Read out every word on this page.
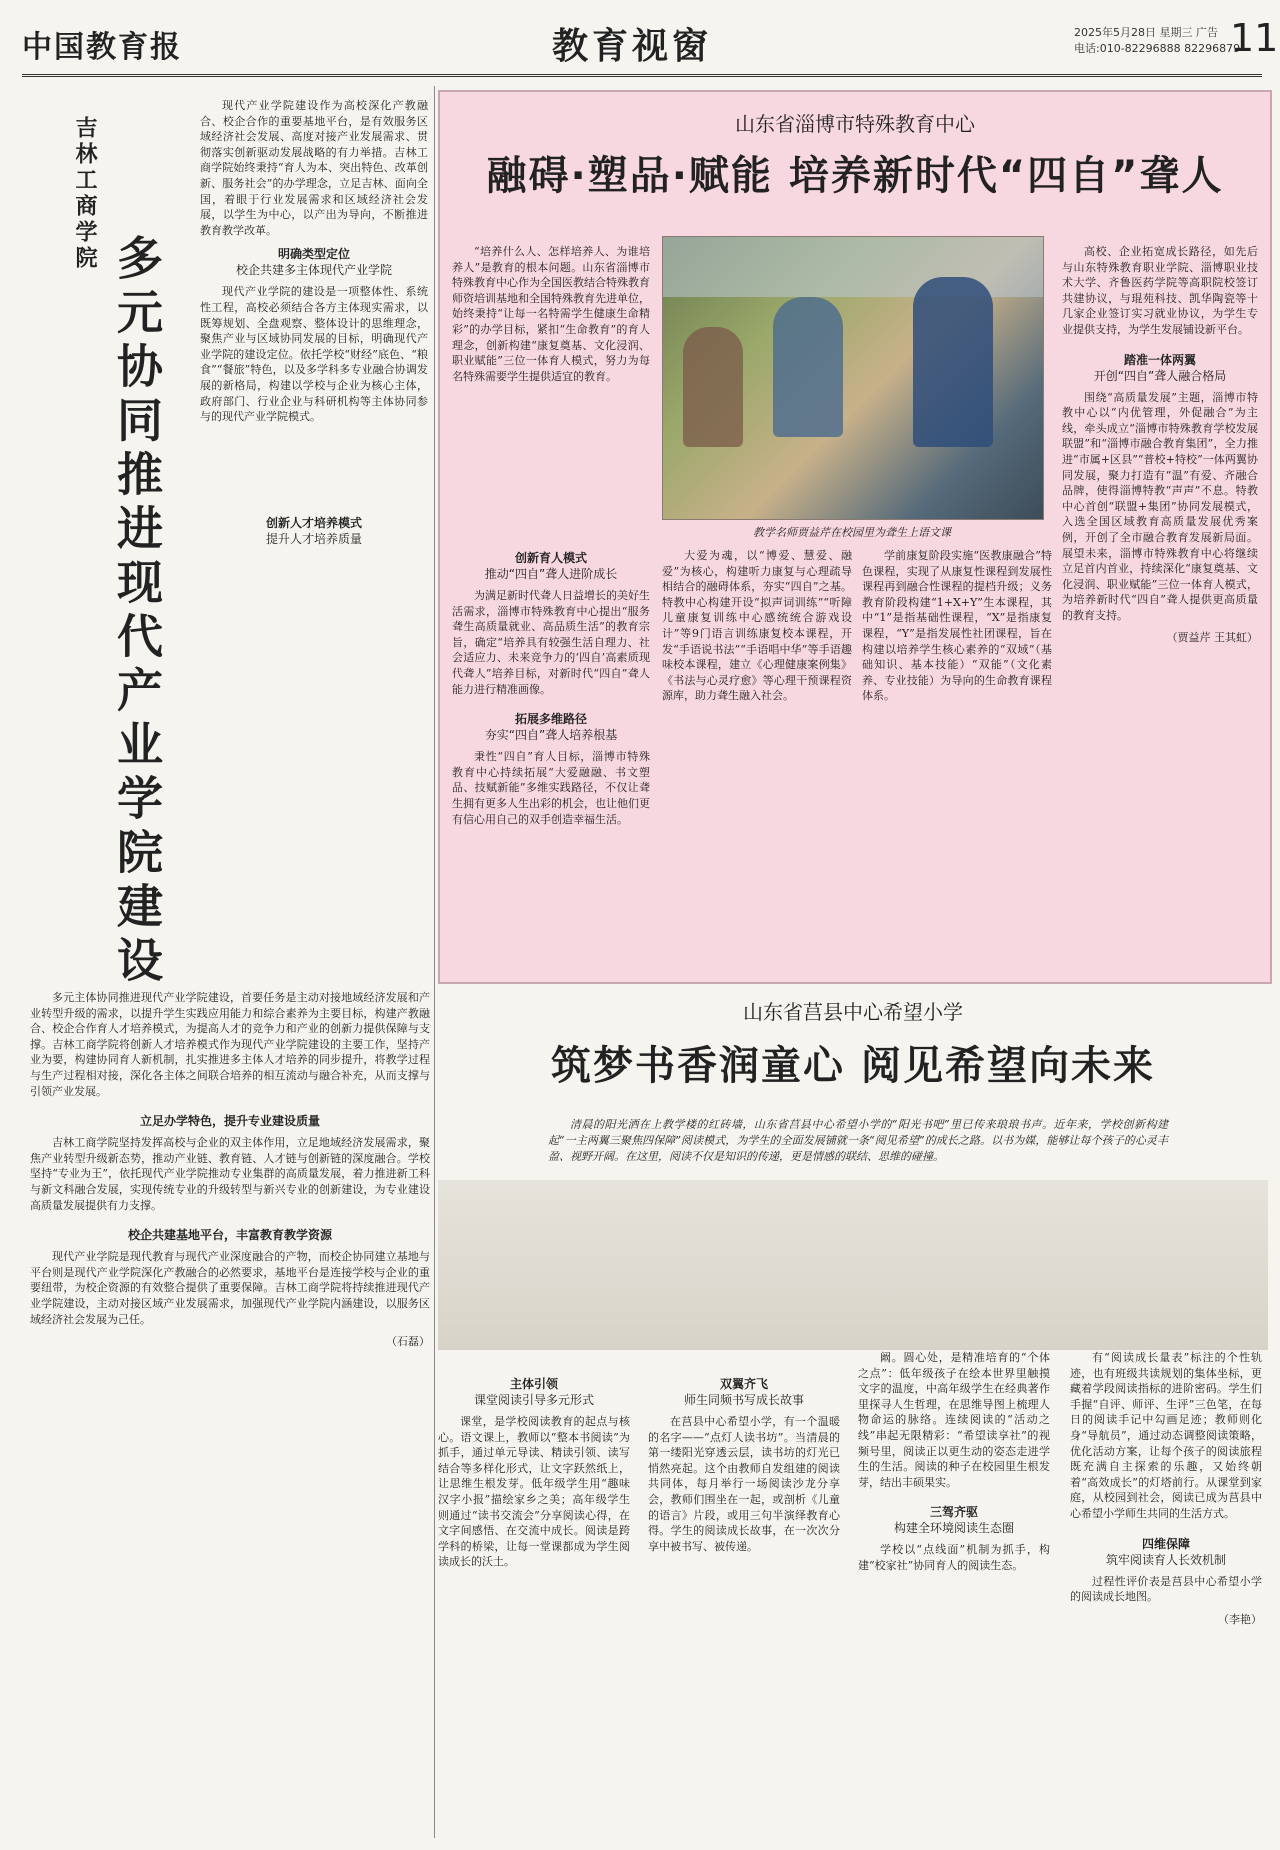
中国教育报	教育视窗	2025年5月28日 星期三 广告
电话:010-82296888 82296879
11
吉林工商学院
多元协同推进现代产业学院建设

现代产业学院建设作为高校深化产教融合、校企合作的重要基地平台，是有效服务区域经济社会发展、高度对接产业发展需求、贯彻落实创新驱动发展战略的有力举措。吉林工商学院始终秉持“育人为本、突出特色、改革创新、服务社会”的办学理念，立足吉林、面向全国，着眼于行业发展需求和区域经济社会发展，以学生为中心，以产出为导向，不断推进教育教学改革。

明确类型定位
校企共建多主体现代产业学院

现代产业学院的建设是一项整体性、系统性工程，高校必须结合各方主体现实需求，以既筹规划、全盘观察、整体设计的思维理念，聚焦产业与区域协同发展的目标，明确现代产业学院的建设定位。依托学校“财经”底色、“粮食”“餐旅”特色，以及多学科多专业融合协调发展的新格局，构建以学校与企业为核心主体，政府部门、行业企业与科研机构等主体协同参与的现代产业学院模式。

创新人才培养模式
提升人才培养质量

多元主体协同推进现代产业学院建设，首要任务是主动对接地域经济发展和产业转型升级的需求，以提升学生实践应用能力和综合素养为主要目标，构建产教融合、校企合作育人才培养模式，为提高人才的竞争力和产业的创新力提供保障与支撑。吉林工商学院将创新人才培养模式作为现代产业学院建设的主要工作，坚持产业为要，构建协同育人新机制，扎实推进多主体人才培养的同步提升，将教学过程与生产过程相对接，深化各主体之间联合培养的相互流动与融合补充，从而支撑与引领产业发展。

立足办学特色，提升专业建设质量

吉林工商学院坚持发挥高校与企业的双主体作用，立足地域经济发展需求，聚焦产业转型升级新态势，推动产业链、教育链、人才链与创新链的深度融合。学校坚持“专业为王”，依托现代产业学院推动专业集群的高质量发展，着力推进新工科与新文科融合发展，实现传统专业的升级转型与新兴专业的创新建设，为专业建设高质量发展提供有力支撑。

校企共建基地平台，丰富教育教学资源

现代产业学院是现代教育与现代产业深度融合的产物，而校企协同建立基地与平台则是现代产业学院深化产教融合的必然要求，基地平台是连接学校与企业的重要纽带，为校企资源的有效整合提供了重要保障。吉林工商学院将持续推进现代产业学院建设，主动对接区域产业发展需求，加强现代产业学院内涵建设，以服务区域经济社会发展为己任。

（石磊）
山东省淄博市特殊教育中心
融碍·塑品·赋能 培养新时代“四自”聋人

“培养什么人、怎样培养人、为谁培养人”是教育的根本问题。山东省淄博市特殊教育中心作为全国医教结合特殊教育师资培训基地和全国特殊教育先进单位，始终秉持“让每一名特需学生健康生命精彩”的办学目标，紧扣“生命教育”的育人理念，创新构建“康复奠基、文化浸润、职业赋能”三位一体育人模式，努力为每名特殊需要学生提供适宜的教育。

教学名师贾益芹在校园里为聋生上语文课
创新育人模式
推动“四自”聋人进阶成长

为满足新时代聋人日益增长的美好生活需求，淄博市特殊教育中心提出“服务聋生高质量就业、高品质生活”的教育宗旨，确定“培养具有较强生活自理力、社会适应力、未来竞争力的‘四自’高素质现代聋人”培养目标，对新时代“四自”聋人能力进行精准画像。

拓展多维路径
夯实“四自”聋人培养根基

秉性“四自”育人目标，淄博市特殊教育中心持续拓展“大爱融融、书文塑品、技赋新能”多维实践路径，不仅让聋生拥有更多人生出彩的机会，也让他们更有信心用自己的双手创造幸福生活。

大爱为魂，以“博爱、慧爱、融爱”为核心，构建听力康复与心理疏导相结合的融碍体系，夯实“四自”之基。特教中心构建开设“拟声词训练”“听障儿童康复训练中心感统统合游戏设计”等9门语言训练康复校本课程，开发“手语说书法”“手语唱中华”等手语趣味校本课程，建立《心理健康案例集》《书法与心灵疗愈》等心理干预课程资源库，助力聋生融入社会。

学前康复阶段实施“医教康融合”特色课程，实现了从康复性课程到发展性课程再到融合性课程的提档升级；义务教育阶段构建“1+X+Y”生本课程，其中“1”是指基础性课程，“X”是指康复课程，“Y”是指发展性社团课程，旨在构建以培养学生核心素养的“双域”（基础知识、基本技能）“双能”（文化素养、专业技能）为导向的生命教育课程体系。

高校、企业拓宽成长路径，如先后与山东特殊教育职业学院、淄博职业技术大学、齐鲁医药学院等高职院校签订共建协议，与琨苑科技、凯华陶瓷等十几家企业签订实习就业协议，为学生专业提供支持，为学生发展铺设新平台。

踏准一体两翼
开创“四自”聋人融合格局

围绕“高质量发展”主题，淄博市特教中心以“内优管理，外促融合”为主线，牵头成立“淄博市特殊教育学校发展联盟”和“淄博市融合教育集团”，全力推进“市属+区县”“普校+特校”一体两翼协同发展，聚力打造有“温”有爱、齐融合品牌，使得淄博特教“声声”不息。特教中心首创“联盟+集团”协同发展模式，入选全国区域教育高质量发展优秀案例，开创了全市融合教育发展新局面。展望未来，淄博市特殊教育中心将继续立足首内首业，持续深化“康复奠基、文化浸润、职业赋能”三位一体育人模式，为培养新时代“四自”聋人提供更高质量的教育支持。

（贾益芹 王其虹）
山东省莒县中心希望小学
筑梦书香润童心 阅见希望向未来

清晨的阳光洒在上教学楼的红砖墙，山东省莒县中心希望小学的“阳光书吧”里已传来琅琅书声。近年来，学校创新构建起“一主两翼三聚焦四保障”阅读模式，为学生的全面发展铺就一条“阅见希望”的成长之路。以书为媒，能够让每个孩子的心灵丰盈、视野开阔。在这里，阅读不仅是知识的传递，更是情感的联结、思维的碰撞。

主体引领
课堂阅读引导多元形式

课堂，是学校阅读教育的起点与核心。语文课上，教师以“整本书阅读”为抓手，通过单元导读、精读引领、读写结合等多样化形式，让文字跃然纸上，让思维生根发芽。低年级学生用“趣味汉字小报”描绘家乡之美；高年级学生则通过“读书交流会”分享阅读心得，在文字间感悟、在交流中成长。阅读是跨学科的桥梁，让每一堂课都成为学生阅读成长的沃土。

双翼齐飞
师生同频书写成长故事

在莒县中心希望小学，有一个温暖的名字——“点灯人读书坊”。当清晨的第一缕阳光穿透云层，读书坊的灯光已悄然亮起。这个由教师自发组建的阅读共同体，每月举行一场阅读沙龙分享会，教师们围坐在一起，或剖析《儿童的语言》片段，或用三句半演绎教育心得。学生的阅读成长故事，在一次次分享中被书写、被传递。

阚。圆心处，是精准培育的“个体之点”：低年级孩子在绘本世界里触摸文字的温度，中高年级学生在经典著作里探寻人生哲理，在思维导图上梳理人物命运的脉络。连续阅读的“活动之线”串起无限精彩：“希望读享社”的视频号里，阅读正以更生动的姿态走进学生的生活。阅读的种子在校园里生根发芽，结出丰硕果实。

三驾齐驱
构建全环境阅读生态圈

学校以“点线面”机制为抓手，构建“校家社”协同育人的阅读生态。

有“阅读成长量表”标注的个性轨迹，也有班级共读规划的集体坐标，更藏着学段阅读指标的进阶密码。学生们手握“自评、师评、生评”三色笔，在每日的阅读手记中勾画足迹；教师则化身“导航员”，通过动态调整阅读策略，优化活动方案，让每个孩子的阅读旅程既充满自主探索的乐趣，又始终朝着“高效成长”的灯塔前行。从课堂到家庭，从校园到社会，阅读已成为莒县中心希望小学师生共同的生活方式。

四维保障
筑牢阅读育人长效机制

过程性评价表是莒县中心希望小学的阅读成长地图。

（李艳）
